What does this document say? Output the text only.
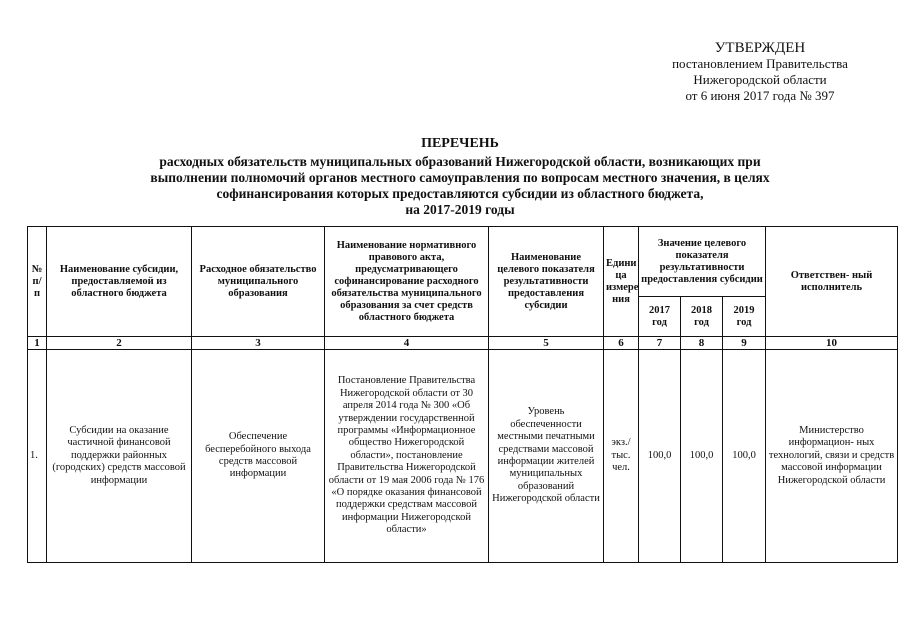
УТВЕРЖДЕН
постановлением Правительства
Нижегородской области
от 6 июня 2017 года № 397
ПЕРЕЧЕНЬ
расходных обязательств муниципальных образований Нижегородской области, возникающих при
выполнении полномочий органов местного самоуправления по вопросам местного значения, в целях
софинансирования которых предоставляются субсидии из областного бюджета,
на 2017-2019 годы
№ п/п	Наименование субсидии, предоставляемой из областного бюджета	Расходное обязательство муниципального образования	Наименование нормативного правового акта, предусматривающего софинансирование расходного обязательства муниципального образования за счет средств областного бюджета	Наименование целевого показателя результативности предоставления субсидии	Едини ца измере ния	Значение целевого показателя результативности предоставления субсидии			Ответствен- ный исполнитель
						2017 год	2018 год	2019 год	
1	2	3	4	5	6	7	8	9	10
1.	Субсидии на оказание частичной финансовой поддержки районных (городских) средств массовой информации	Обеспечение бесперебойного выхода средств массовой информации	Постановление Правительства Нижегородской области от 30 апреля 2014 года № 300 «Об утверждении государственной программы «Информационное общество Нижегородской области», постановление Правительства Нижегородской области от 19 мая 2006 года № 176 «О порядке оказания финансовой поддержки средствам массовой информации Нижегородской области»	Уровень обеспеченности местными печатными средствами массовой информации жителей муниципальных образований Нижегородской области	экз./ тыс. чел.	100,0	100,0	100,0	Министерство информацион- ных технологий, связи и средств массовой информации Нижегородской области
